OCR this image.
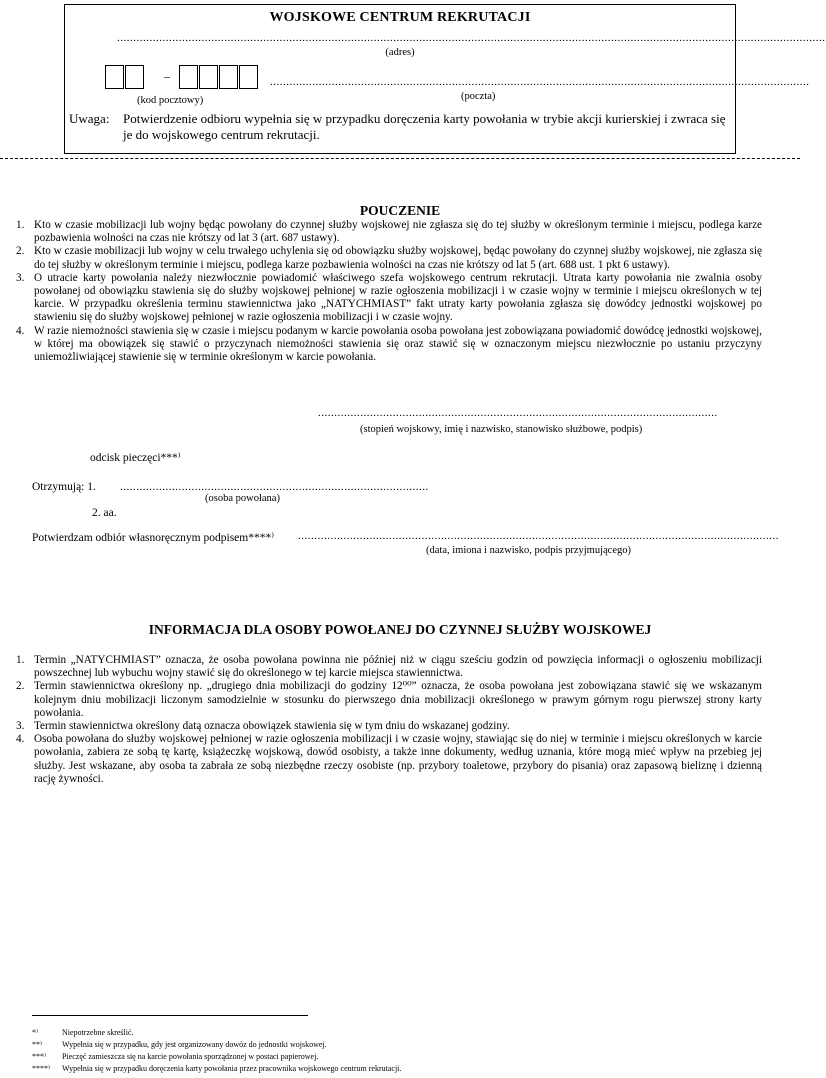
WOJSKOWE CENTRUM REKRUTACJI
..........................................................................................................................................................................................................................
(adres)
–	......................................................................................................................................................................
(kod pocztowy)	(poczta)
Uwaga: Potwierdzenie odbioru wypełnia się w przypadku doręczenia karty powołania w trybie akcji kurierskiej i zwraca się je do wojskowego centrum rekrutacji.
POUCZENIE
1. Kto w czasie mobilizacji lub wojny będąc powołany do czynnej służby wojskowej nie zgłasza się do tej służby w określonym terminie i miejscu, podlega karze pozbawienia wolności na czas nie krótszy od lat 3 (art. 687 ustawy).
2. Kto w czasie mobilizacji lub wojny w celu trwałego uchylenia się od obowiązku służby wojskowej, będąc powołany do czynnej służby wojskowej, nie zgłasza się do tej służby w określonym terminie i miejscu, podlega karze pozbawienia wolności na czas nie krótszy od lat 5 (art. 688 ust. 1 pkt 6 ustawy).
3. O utracie karty powołania należy niezwłocznie powiadomić właściwego szefa wojskowego centrum rekrutacji. Utrata karty powołania nie zwalnia osoby powołanej od obowiązku stawienia się do służby wojskowej pełnionej w razie ogłoszenia mobilizacji i w czasie wojny w terminie i miejscu określonych w tej karcie. W przypadku określenia terminu stawiennictwa jako „NATYCHMIAST” fakt utraty karty powołania zgłasza się dowódcy jednostki wojskowej po stawieniu się do służby wojskowej pełnionej w razie ogłoszenia mobilizacji i w czasie wojny.
4. W razie niemożności stawienia się w czasie i miejscu podanym w karcie powołania osoba powołana jest zobowiązana powiadomić dowódcę jednostki wojskowej, w której ma obowiązek się stawić o przyczynach niemożności stawienia się oraz stawić się w oznaczonym miejscu niezwłocznie po ustaniu przyczyny uniemożliwiającej stawienie się w terminie określonym w karcie powołania.
...........................................................................................................................
(stopień wojskowy, imię i nazwisko, stanowisko służbowe, podpis)
odcisk pieczęci***⁾
Otrzymują: 1. ...............................................................................................
(osoba powołana)
2. aa.
Potwierdzam odbiór własnoręcznym podpisem****⁾ ....................................................................................................................................................
(data, imiona i nazwisko, podpis przyjmującego)
INFORMACJA DLA OSOBY POWOŁANEJ DO CZYNNEJ SŁUŻBY WOJSKOWEJ
1. Termin „NATYCHMIAST” oznacza, że osoba powołana powinna nie później niż w ciągu sześciu godzin od powzięcia informacji o ogłoszeniu mobilizacji powszechnej lub wybuchu wojny stawić się do określonego w tej karcie miejsca stawiennictwa.
2. Termin stawiennictwa określony np. „drugiego dnia mobilizacji do godziny 12⁰⁰” oznacza, że osoba powołana jest zobowiązana stawić się we wskazanym kolejnym dniu mobilizacji liczonym samodzielnie w stosunku do pierwszego dnia mobilizacji określonego w prawym górnym rogu pierwszej strony karty powołania.
3. Termin stawiennictwa określony datą oznacza obowiązek stawienia się w tym dniu do wskazanej godziny.
4. Osoba powołana do służby wojskowej pełnionej w razie ogłoszenia mobilizacji i w czasie wojny, stawiając się do niej w terminie i miejscu określonych w karcie powołania, zabiera ze sobą tę kartę, książeczkę wojskową, dowód osobisty, a także inne dokumenty, według uznania, które mogą mieć wpływ na przebieg jej służby. Jest wskazane, aby osoba ta zabrała ze sobą niezbędne rzeczy osobiste (np. przybory toaletowe, przybory do pisania) oraz zapasową bieliznę i dzienną rację żywności.
*⁾	Niepotrzebne skreślić.
**⁾	Wypełnia się w przypadku, gdy jest organizowany dowóz do jednostki wojskowej.
***⁾ Pieczęć zamieszcza się na karcie powołania sporządzonej w postaci papierowej.
****⁾ Wypełnia się w przypadku doręczenia karty powołania przez pracownika wojskowego centrum rekrutacji.
